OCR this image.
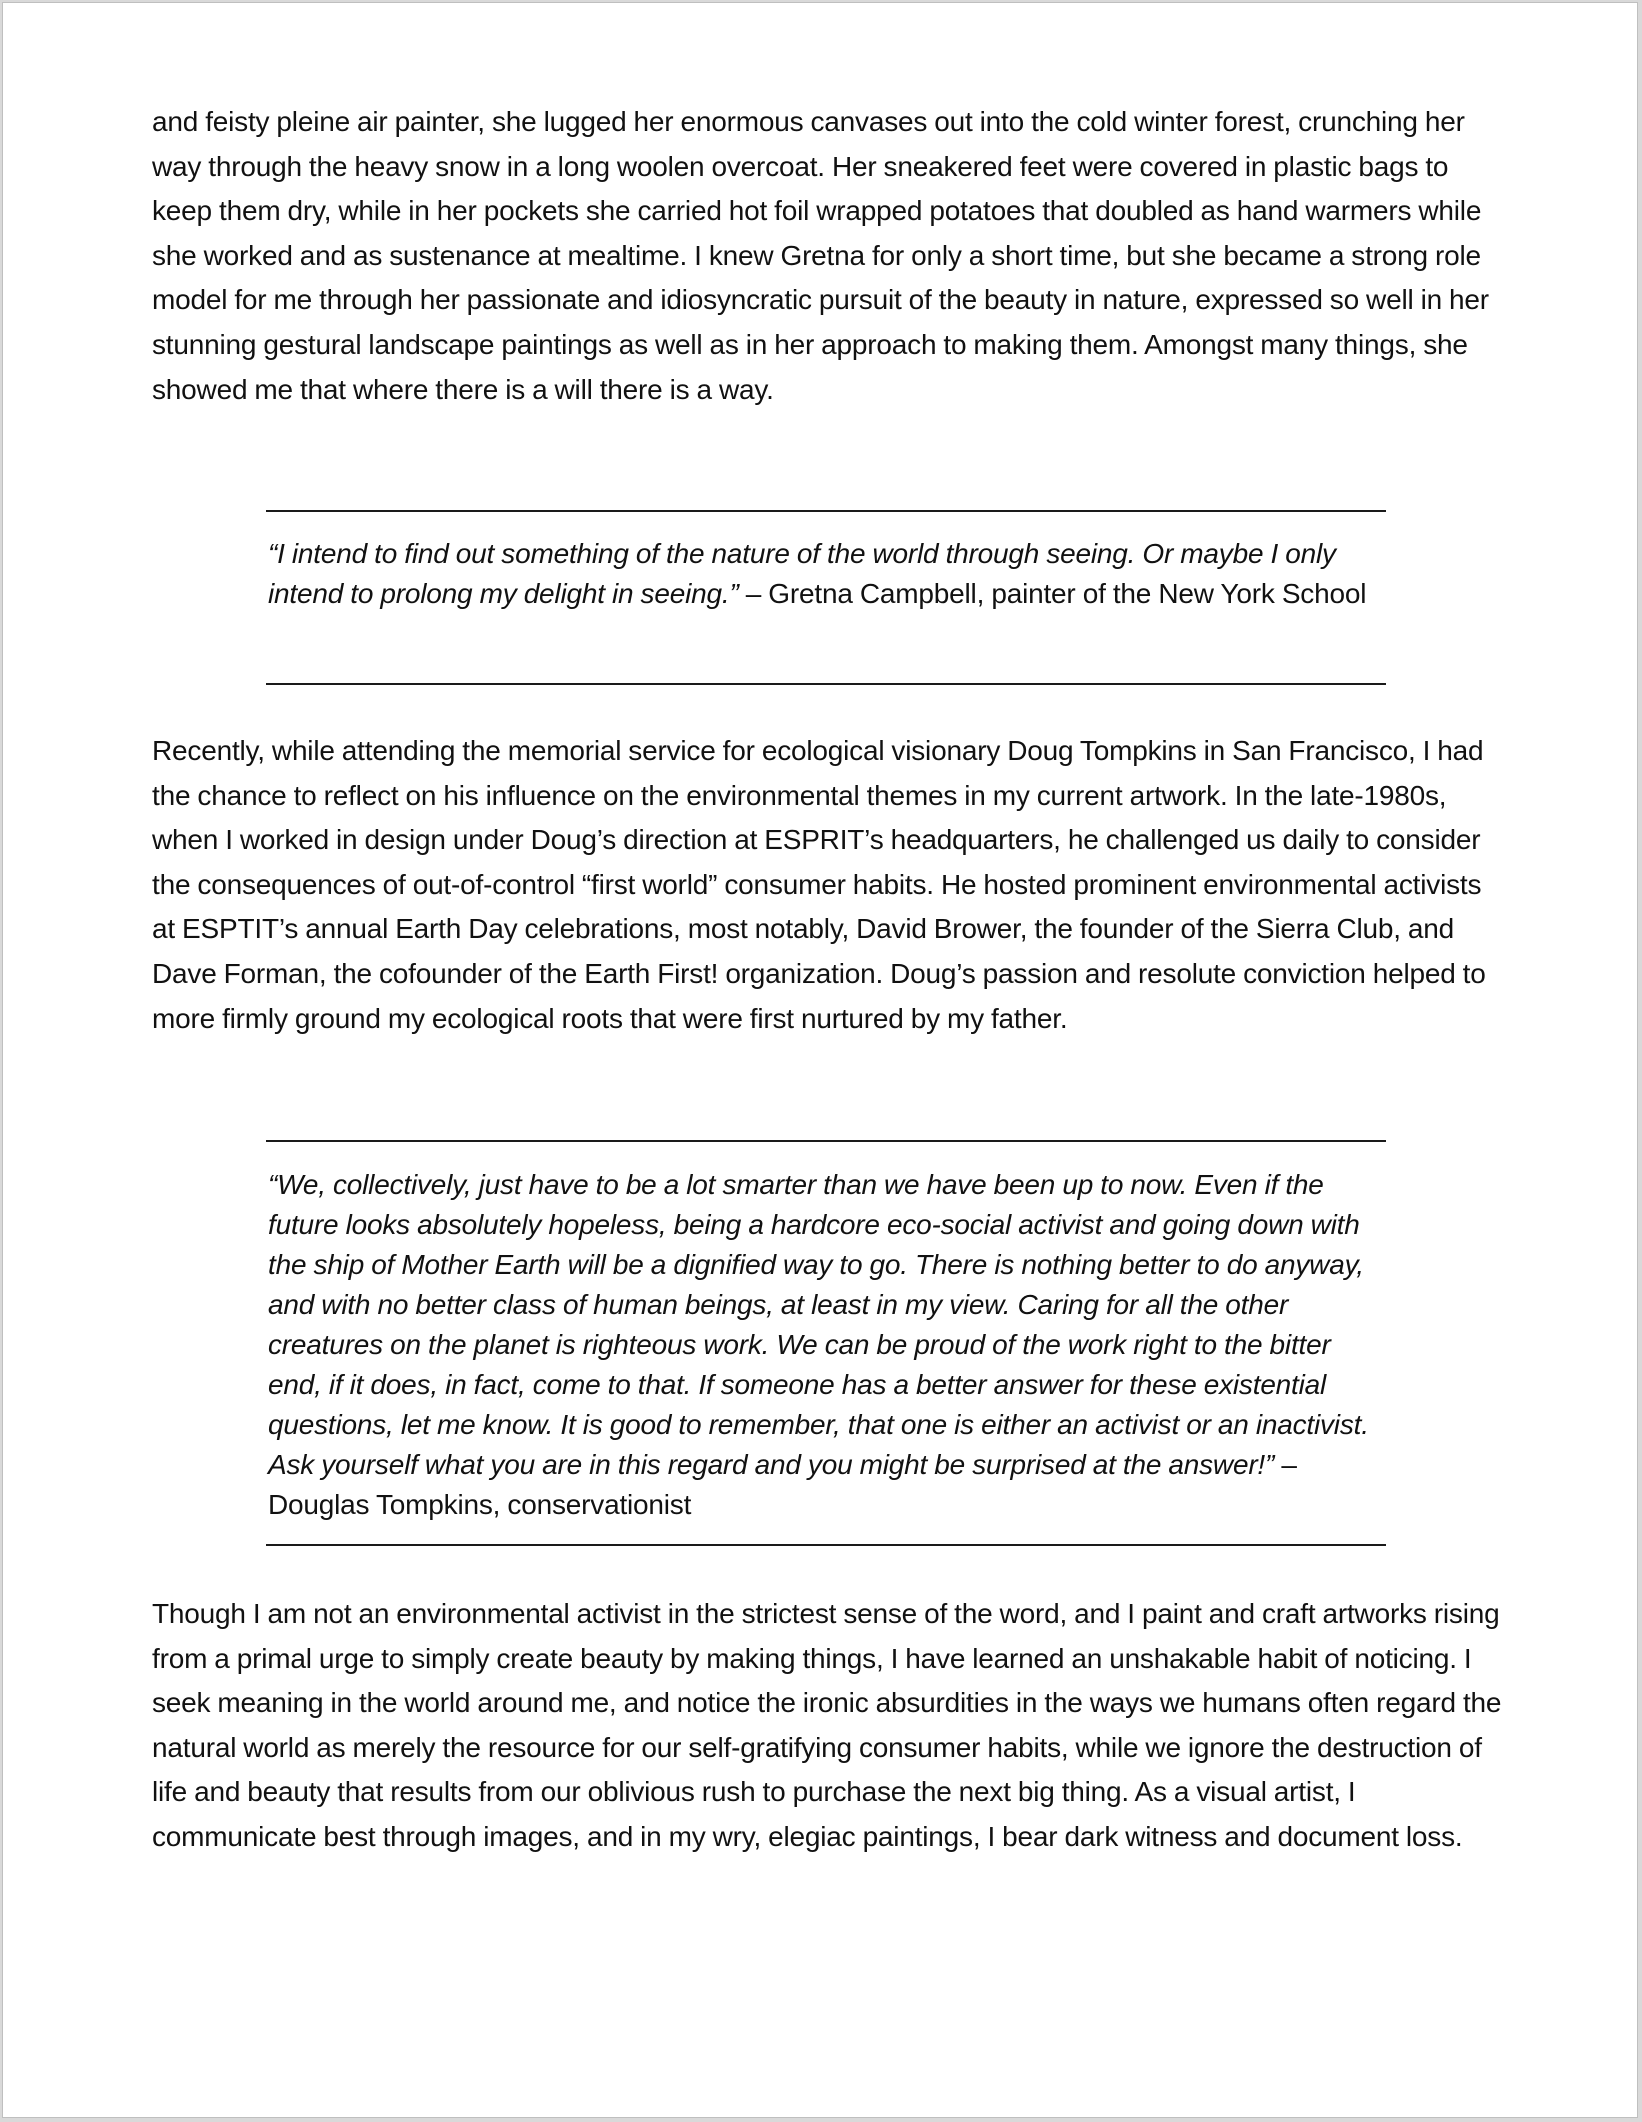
and feisty pleine air painter, she lugged her enormous canvases out into the cold winter forest, crunching her way through the heavy snow in a long woolen overcoat. Her sneakered feet were covered in plastic bags to keep them dry, while in her pockets she carried hot foil wrapped potatoes that doubled as hand warmers while she worked and as sustenance at mealtime. I knew Gretna for only a short time, but she became a strong role model for me through her passionate and idiosyncratic pursuit of the beauty in nature, expressed so well in her stunning gestural landscape paintings as well as in her approach to making them. Amongst many things, she showed me that where there is a will there is a way.

“I intend to find out something of the nature of the world through seeing. Or maybe I only intend to prolong my delight in seeing.” – Gretna Campbell, painter of the New York School

Recently, while attending the memorial service for ecological visionary Doug Tompkins in San Francisco, I had the chance to reflect on his influence on the environmental themes in my current artwork. In the late-1980s, when I worked in design under Doug’s direction at ESPRIT’s headquarters, he challenged us daily to consider the consequences of out-of-control “first world” consumer habits. He hosted prominent environmental activists at ESPTIT’s annual Earth Day celebrations, most notably, David Brower, the founder of the Sierra Club, and Dave Forman, the cofounder of the Earth First! organization. Doug’s passion and resolute conviction helped to more firmly ground my ecological roots that were first nurtured by my father.

“We, collectively, just have to be a lot smarter than we have been up to now. Even if the future looks absolutely hopeless, being a hardcore eco-social activist and going down with the ship of Mother Earth will be a dignified way to go. There is nothing better to do anyway, and with no better class of human beings, at least in my view. Caring for all the other creatures on the planet is righteous work. We can be proud of the work right to the bitter end, if it does, in fact, come to that. If someone has a better answer for these existential questions, let me know. It is good to remember, that one is either an activist or an inactivist. Ask yourself what you are in this regard and you might be surprised at the answer!” – Douglas Tompkins, conservationist

Though I am not an environmental activist in the strictest sense of the word, and I paint and craft artworks rising from a primal urge to simply create beauty by making things, I have learned an unshakable habit of noticing. I seek meaning in the world around me, and notice the ironic absurdities in the ways we humans often regard the natural world as merely the resource for our self-gratifying consumer habits, while we ignore the destruction of life and beauty that results from our oblivious rush to purchase the next big thing. As a visual artist, I communicate best through images, and in my wry, elegiac paintings, I bear dark witness and document loss.
